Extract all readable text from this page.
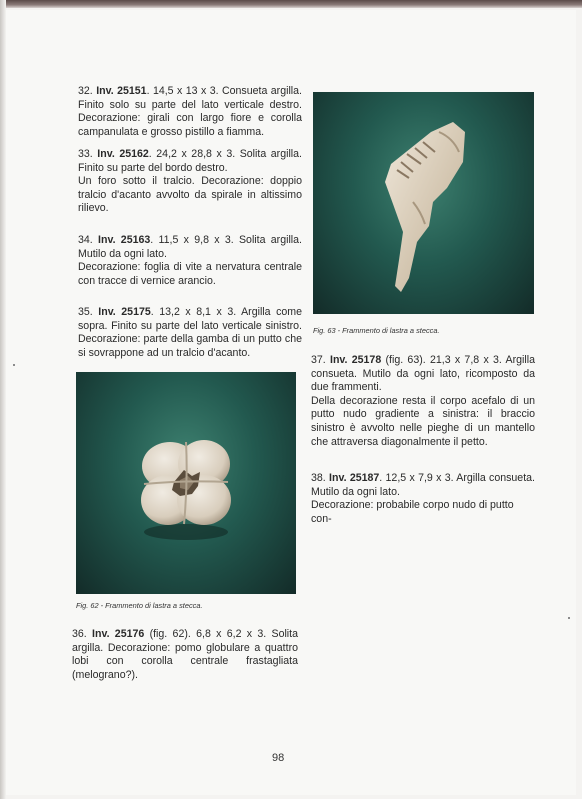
32. Inv. 25151. 14,5 x 13 x 3. Consueta argilla. Finito solo su parte del lato verticale destro. Decorazione: girali con largo fiore e corolla campanulata e grosso pistillo a fiamma.

33. Inv. 25162. 24,2 x 28,8 x 3. Solita argilla. Finito su parte del bordo destro.

Un foro sotto il tralcio. Decorazione: doppio tralcio d'acanto avvolto da spirale in altissimo rilievo.

34. Inv. 25163. 11,5 x 9,8 x 3. Solita argilla. Mutilo da ogni lato.

Decorazione: foglia di vite a nervatura centrale con tracce di vernice arancio.

35. Inv. 25175. 13,2 x 8,1 x 3. Argilla come sopra. Finito su parte del lato verticale sinistro. Decorazione: parte della gamba di un putto che si sovrappone ad un tralcio d'acanto.

Fig. 62 - Frammento di lastra a stecca.

36. Inv. 25176 (fig. 62). 6,8 x 6,2 x 3. Solita argilla. Decorazione: pomo globulare a quattro lobi con corolla centrale frastagliata (melograno?).

Fig. 63 - Frammento di lastra a stecca.

37. Inv. 25178 (fig. 63). 21,3 x 7,8 x 3. Argilla consueta. Mutilo da ogni lato, ricomposto da due frammenti.

Della decorazione resta il corpo acefalo di un putto nudo gradiente a sinistra: il braccio sinistro è avvolto nelle pieghe di un mantello che attraversa diagonalmente il petto.

38. Inv. 25187. 12,5 x 7,9 x 3. Argilla consueta. Mutilo da ogni lato.

Decorazione: probabile corpo nudo di putto con-

98
